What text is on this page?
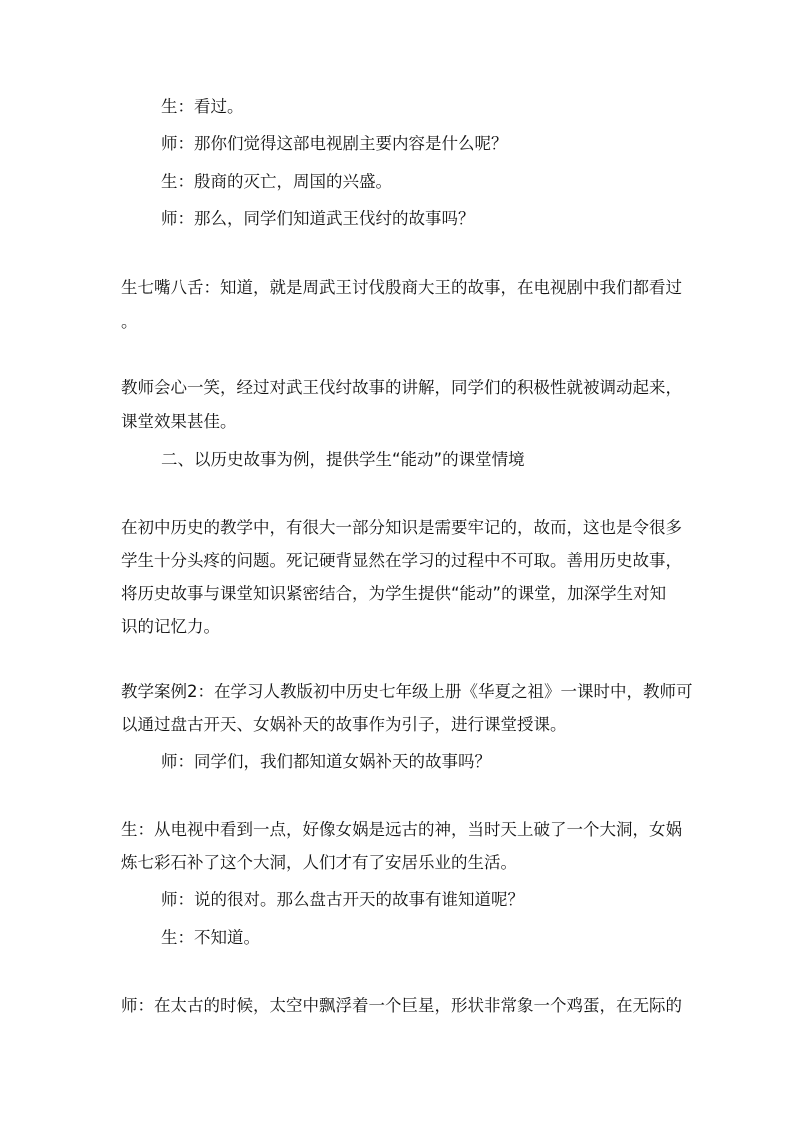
生：看过。

师：那你们觉得这部电视剧主要内容是什么呢？

生：殷商的灭亡，周国的兴盛。

师：那么，同学们知道武王伐纣的故事吗？

生七嘴八舌：知道，就是周武王讨伐殷商大王的故事，在电视剧中我们都看过

。

教师会心一笑，经过对武王伐纣故事的讲解，同学们的积极性就被调动起来，

课堂效果甚佳。

二、以历史故事为例，提供学生“能动”的课堂情境

在初中历史的教学中，有很大一部分知识是需要牢记的，故而，这也是令很多

学生十分头疼的问题。死记硬背显然在学习的过程中不可取。善用历史故事，

将历史故事与课堂知识紧密结合，为学生提供“能动”的课堂，加深学生对知

识的记忆力。

教学案例2：在学习人教版初中历史七年级上册《华夏之祖》一课时中，教师可

以通过盘古开天、女娲补天的故事作为引子，进行课堂授课。

师：同学们，我们都知道女娲补天的故事吗？

生：从电视中看到一点，好像女娲是远古的神，当时天上破了一个大洞，女娲

炼七彩石补了这个大洞，人们才有了安居乐业的生活。

师：说的很对。那么盘古开天的故事有谁知道呢？

生：不知道。

师：在太古的时候，太空中飘浮着一个巨星，形状非常象一个鸡蛋，在无际的
